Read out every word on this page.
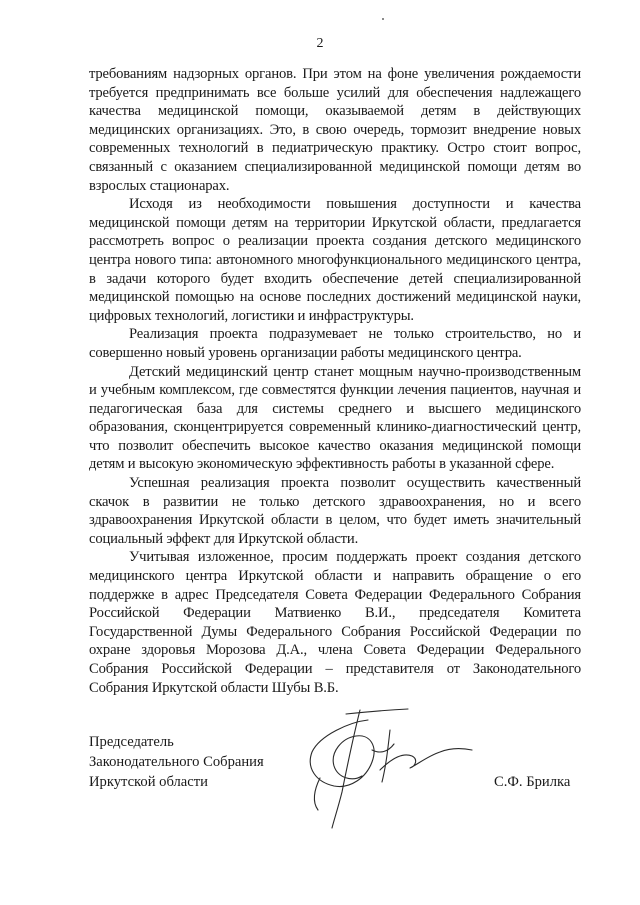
2

требованиям надзорных органов. При этом на фоне увеличения рождаемости требуется предпринимать все больше усилий для обеспечения надлежащего качества медицинской помощи, оказываемой детям в действующих медицинских организациях. Это, в свою очередь, тормозит внедрение новых современных технологий в педиатрическую практику. Остро стоит вопрос, связанный с оказанием специализированной медицинской помощи детям во взрослых стационарах.

Исходя из необходимости повышения доступности и качества медицинской помощи детям на территории Иркутской области, предлагается рассмотреть вопрос о реализации проекта создания детского медицинского центра нового типа: автономного многофункционального медицинского центра, в задачи которого будет входить обеспечение детей специализированной медицинской помощью на основе последних достижений медицинской науки, цифровых технологий, логистики и инфраструктуры.

Реализация проекта подразумевает не только строительство, но и совершенно новый уровень организации работы медицинского центра.

Детский медицинский центр станет мощным научно-производственным и учебным комплексом, где совместятся функции лечения пациентов, научная и педагогическая база для системы среднего и высшего медицинского образования, сконцентрируется современный клинико-диагностический центр, что позволит обеспечить высокое качество оказания медицинской помощи детям и высокую экономическую эффективность работы в указанной сфере.

Успешная реализация проекта позволит осуществить качественный скачок в развитии не только детского здравоохранения, но и всего здравоохранения Иркутской области в целом, что будет иметь значительный социальный эффект для Иркутской области.

Учитывая изложенное, просим поддержать проект создания детского медицинского центра Иркутской области и направить обращение о его поддержке в адрес Председателя Совета Федерации Федерального Собрания Российской Федерации Матвиенко В.И., председателя Комитета Государственной Думы Федерального Собрания Российской Федерации по охране здоровья Морозова Д.А., члена Совета Федерации Федерального Собрания Российской Федерации – представителя от Законодательного Собрания Иркутской области Шубы В.Б.

Председатель
Законодательного Собрания
Иркутской области	С.Ф. Брилка
